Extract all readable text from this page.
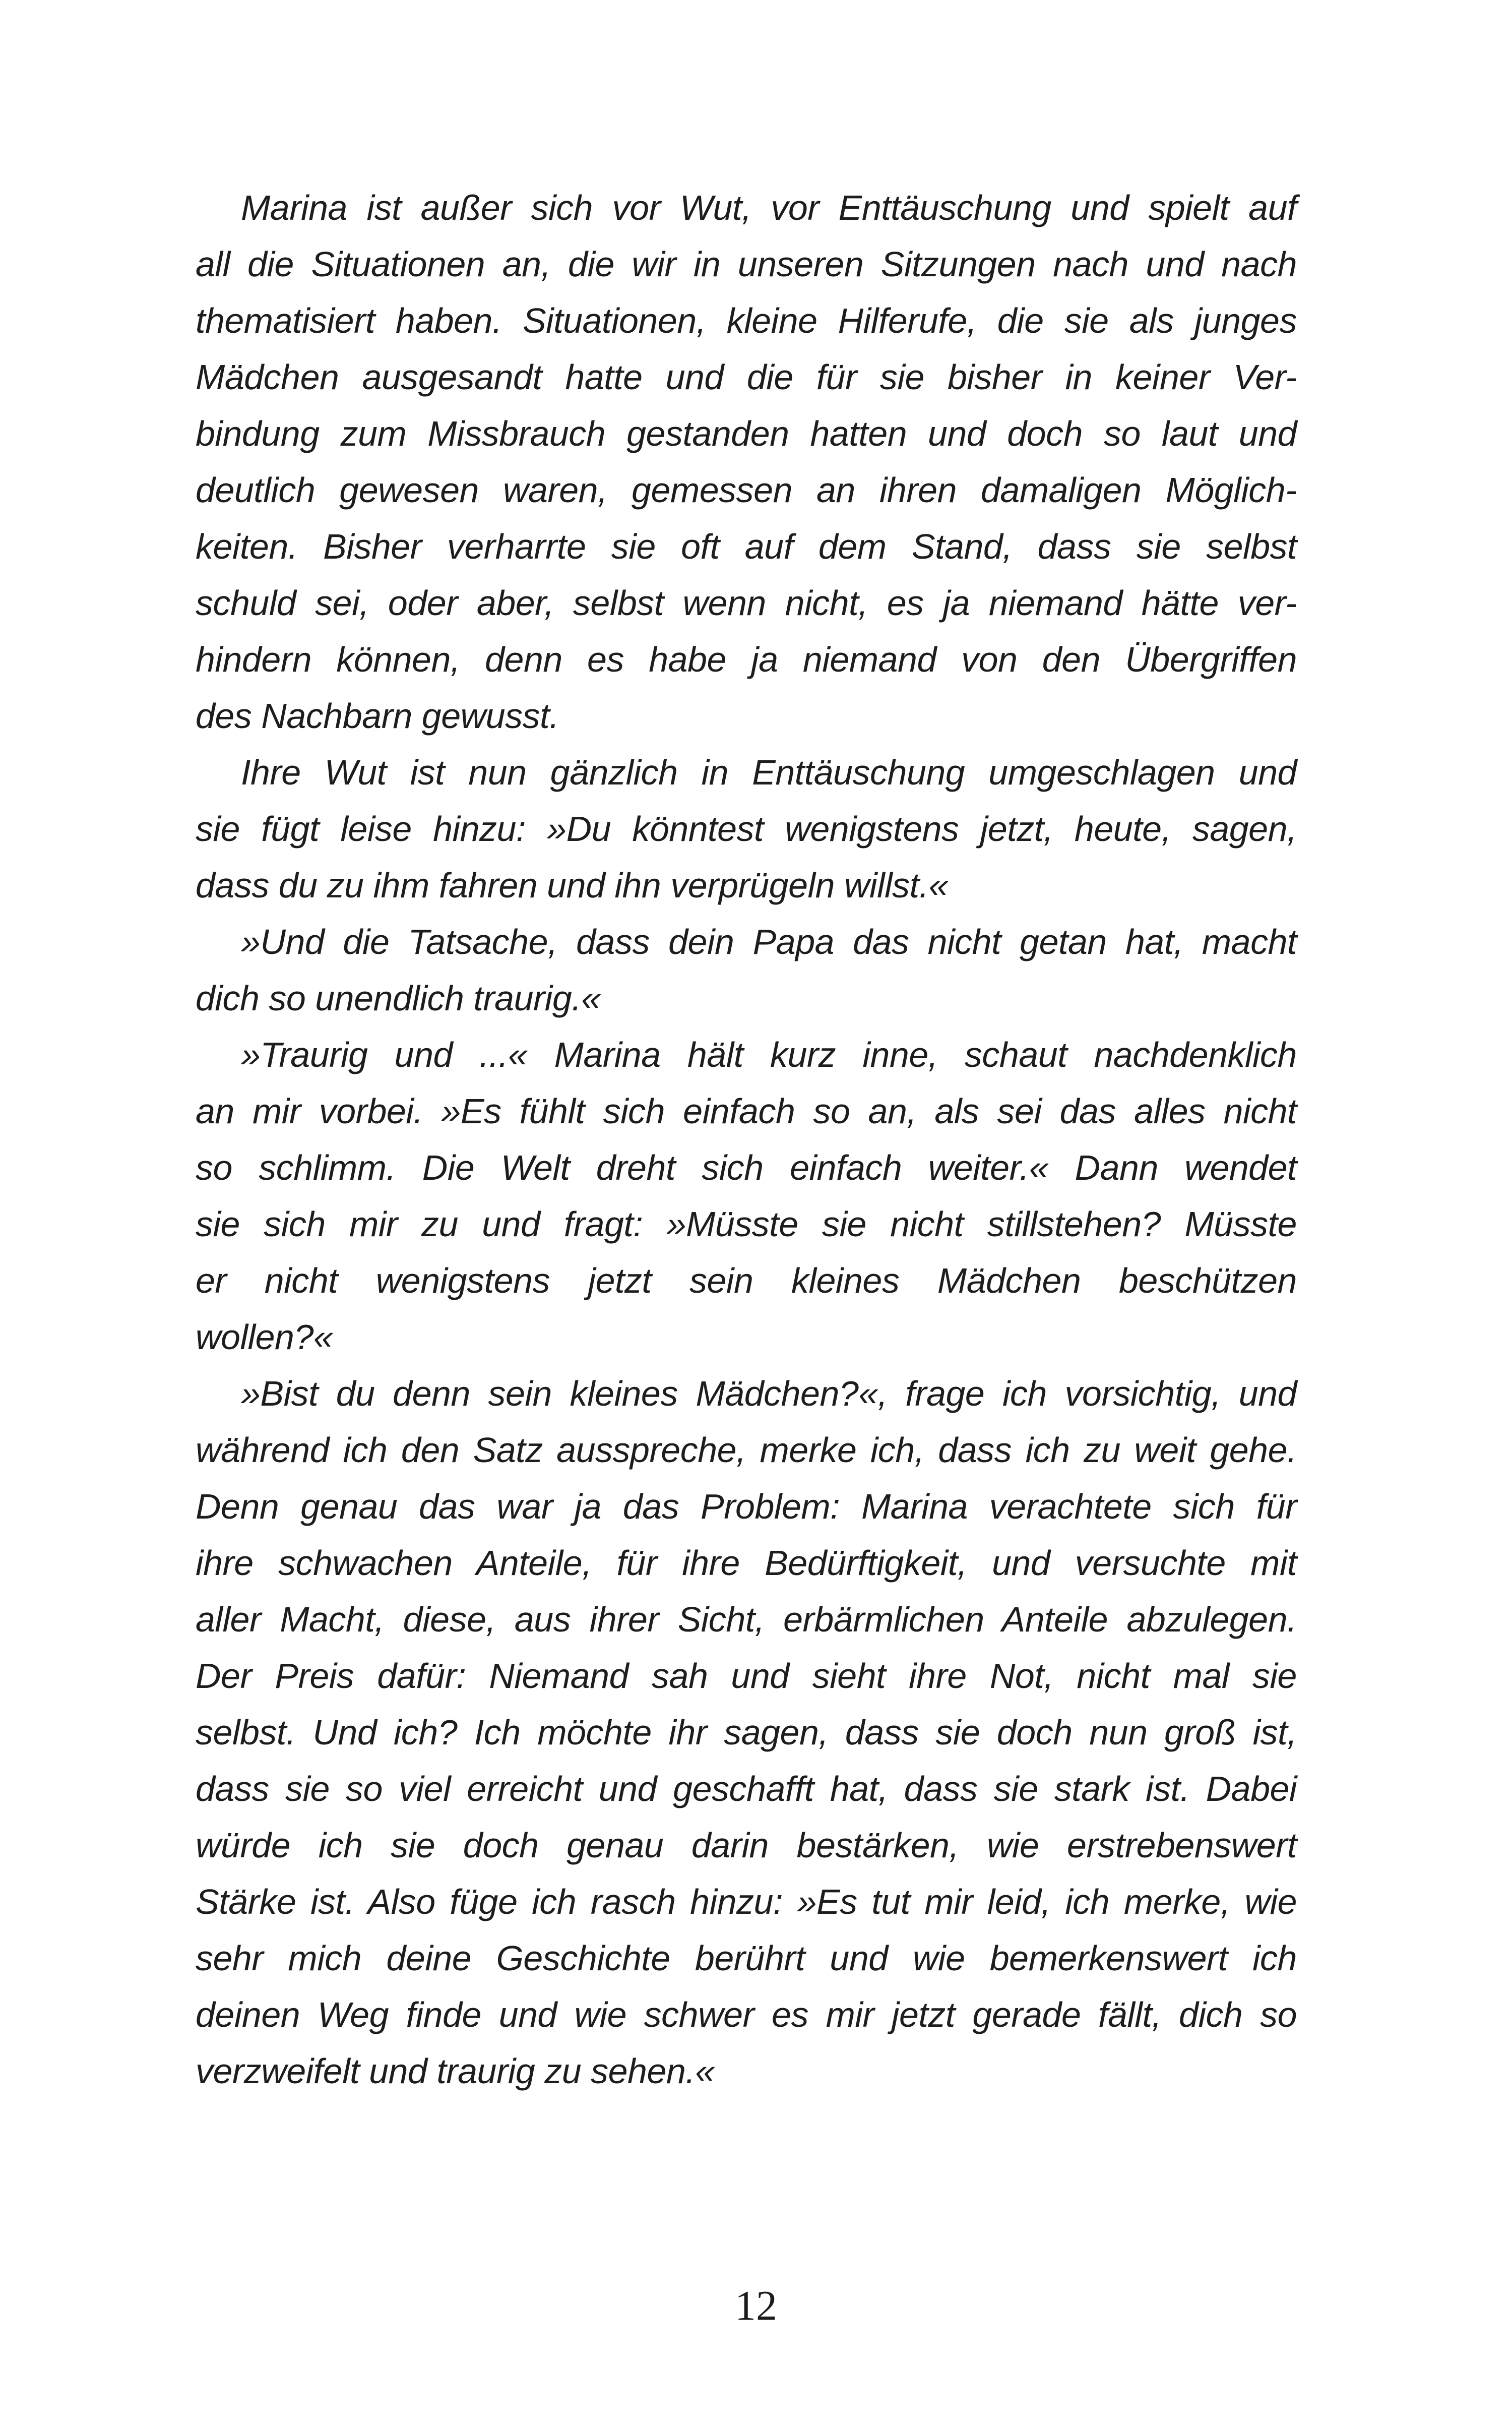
Marina ist außer sich vor Wut, vor Enttäuschung und spielt auf
all die Situationen an, die wir in unseren Sitzungen nach und nach
thematisiert haben. Situationen, kleine Hilferufe, die sie als junges
Mädchen ausgesandt hatte und die für sie bisher in keiner Ver-
bindung zum Missbrauch gestanden hatten und doch so laut und
deutlich gewesen waren, gemessen an ihren damaligen Möglich-
keiten. Bisher verharrte sie oft auf dem Stand, dass sie selbst
schuld sei, oder aber, selbst wenn nicht, es ja niemand hätte ver-
hindern können, denn es habe ja niemand von den Übergriffen
des Nachbarn gewusst.
Ihre Wut ist nun gänzlich in Enttäuschung umgeschlagen und
sie fügt leise hinzu: »Du könntest wenigstens jetzt, heute, sagen,
dass du zu ihm fahren und ihn verprügeln willst.«
»Und die Tatsache, dass dein Papa das nicht getan hat, macht
dich so unendlich traurig.«
»Traurig und ...« Marina hält kurz inne, schaut nachdenklich
an mir vorbei. »Es fühlt sich einfach so an, als sei das alles nicht
so schlimm. Die Welt dreht sich einfach weiter.« Dann wendet
sie sich mir zu und fragt: »Müsste sie nicht stillstehen? Müsste
er nicht wenigstens jetzt sein kleines Mädchen beschützen
wollen?«
»Bist du denn sein kleines Mädchen?«, frage ich vorsichtig, und
während ich den Satz ausspreche, merke ich, dass ich zu weit gehe.
Denn genau das war ja das Problem: Marina verachtete sich für
ihre schwachen Anteile, für ihre Bedürftigkeit, und versuchte mit
aller Macht, diese, aus ihrer Sicht, erbärmlichen Anteile abzulegen.
Der Preis dafür: Niemand sah und sieht ihre Not, nicht mal sie
selbst. Und ich? Ich möchte ihr sagen, dass sie doch nun groß ist,
dass sie so viel erreicht und geschafft hat, dass sie stark ist. Dabei
würde ich sie doch genau darin bestärken, wie erstrebenswert
Stärke ist. Also füge ich rasch hinzu: »Es tut mir leid, ich merke, wie
sehr mich deine Geschichte berührt und wie bemerkenswert ich
deinen Weg finde und wie schwer es mir jetzt gerade fällt, dich so
verzweifelt und traurig zu sehen.«
12
